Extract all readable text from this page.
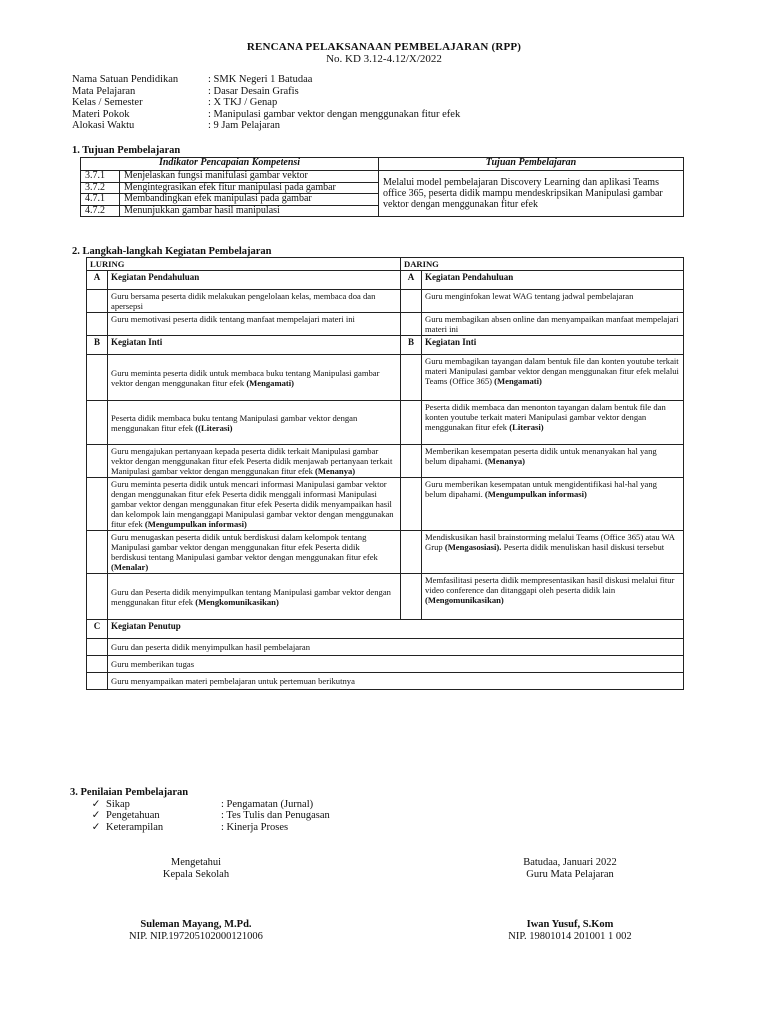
RENCANA PELAKSANAAN PEMBELAJARAN (RPP)
No. KD 3.12-4.12/X/2022
Nama Satuan Pendidikan	: SMK Negeri 1 Batudaa
Mata Pelajaran	: Dasar Desain Grafis
Kelas / Semester	: X TKJ / Genap
Materi Pokok	: Manipulasi gambar vektor dengan menggunakan fitur efek
Alokasi Waktu	: 9 Jam Pelajaran
1. Tujuan Pembelajaran
Indikator Pencapaian Kompetensi		Tujuan Pembelajaran
3.7.1	Menjelaskan fungsi manifulasi gambar vektor	Melalui model pembelajaran Discovery Learning dan aplikasi Teams office 365, peserta didik mampu mendeskripsikan Manipulasi gambar vektor dengan menggunakan fitur efek
3.7.2	Mengintegrasikan efek fitur manipulasi pada gambar	
4.7.1	Membandingkan efek manipulasi pada gambar	
4.7.2	Menunjukkan gambar hasil manipulasi	
2. Langkah-langkah Kegiatan Pembelajaran
LURING		DARING	
A	Kegiatan Pendahuluan	A	Kegiatan Pendahuluan
	Guru bersama peserta didik melakukan pengelolaan kelas, membaca doa dan apersepsi		Guru menginfokan lewat WAG tentang jadwal pembelajaran
	Guru memotivasi peserta didik tentang manfaat mempelajari materi ini		Guru membagikan absen online dan menyampaikan manfaat mempelajari materi ini
B	Kegiatan Inti	B	Kegiatan Inti
	Guru meminta peserta didik untuk membaca buku tentang Manipulasi gambar vektor dengan menggunakan fitur efek (Mengamati)		Guru membagikan tayangan dalam bentuk file dan konten youtube terkait materi Manipulasi gambar vektor dengan menggunakan fitur efek melalui Teams (Office 365) (Mengamati)
	Peserta didik membaca buku tentang Manipulasi gambar vektor dengan menggunakan fitur efek ((Literasi)		Peserta didik membaca dan menonton tayangan dalam bentuk file dan konten youtube terkait materi Manipulasi gambar vektor dengan menggunakan fitur efek (Literasi)
	Guru mengajukan pertanyaan kepada peserta didik terkait Manipulasi gambar vektor dengan menggunakan fitur efek Peserta didik menjawab pertanyaan terkait Manipulasi gambar vektor dengan menggunakan fitur efek (Menanya)		Memberikan kesempatan peserta didik untuk menanyakan hal yang belum dipahami. (Menanya)
	Guru meminta peserta didik untuk mencari informasi Manipulasi gambar vektor dengan menggunakan fitur efek Peserta didik menggali informasi Manipulasi gambar vektor dengan menggunakan fitur efek Peserta didik menyampaikan hasil dan kelompok lain menganggapi Manipulasi gambar vektor dengan menggunakan fitur efek (Mengumpulkan informasi)		Guru memberikan kesempatan untuk mengidentifikasi hal-hal yang belum dipahami. (Mengumpulkan informasi)
	Guru menugaskan peserta didik untuk berdiskusi dalam kelompok tentang Manipulasi gambar vektor dengan menggunakan fitur efek Peserta didik berdiskusi tentang Manipulasi gambar vektor dengan menggunakan fitur efek (Menalar)		Mendiskusikan hasil brainstorming melalui Teams (Office 365) atau WA Grup (Mengasosiasi). Peserta didik menuliskan hasil diskusi tersebut
	Guru dan Peserta didik menyimpulkan tentang Manipulasi gambar vektor dengan menggunakan fitur efek (Mengkomunikasikan)		Memfasilitasi peserta didik mempresentasikan hasil diskusi melalui fitur video conference dan ditanggapi oleh peserta didik lain (Mengomunikasikan)
C	Kegiatan Penutup		
	Guru dan peserta didik menyimpulkan hasil pembelajaran		
	Guru memberikan tugas		
	Guru menyampaikan materi pembelajaran untuk pertemuan berikutnya		
3. Penilaian Pembelajaran
✓ Sikap	: Pengamatan (Jurnal)
✓ Pengetahuan	: Tes Tulis dan Penugasan
✓ Keterampilan	: Kinerja Proses
Mengetahui
Kepala Sekolah
Suleman Mayang, M.Pd.
NIP. NIP.197205102000121006
Batudaa, Januari 2022
Guru Mata Pelajaran
Iwan Yusuf, S.Kom
NIP. 19801014 201001 1 002
